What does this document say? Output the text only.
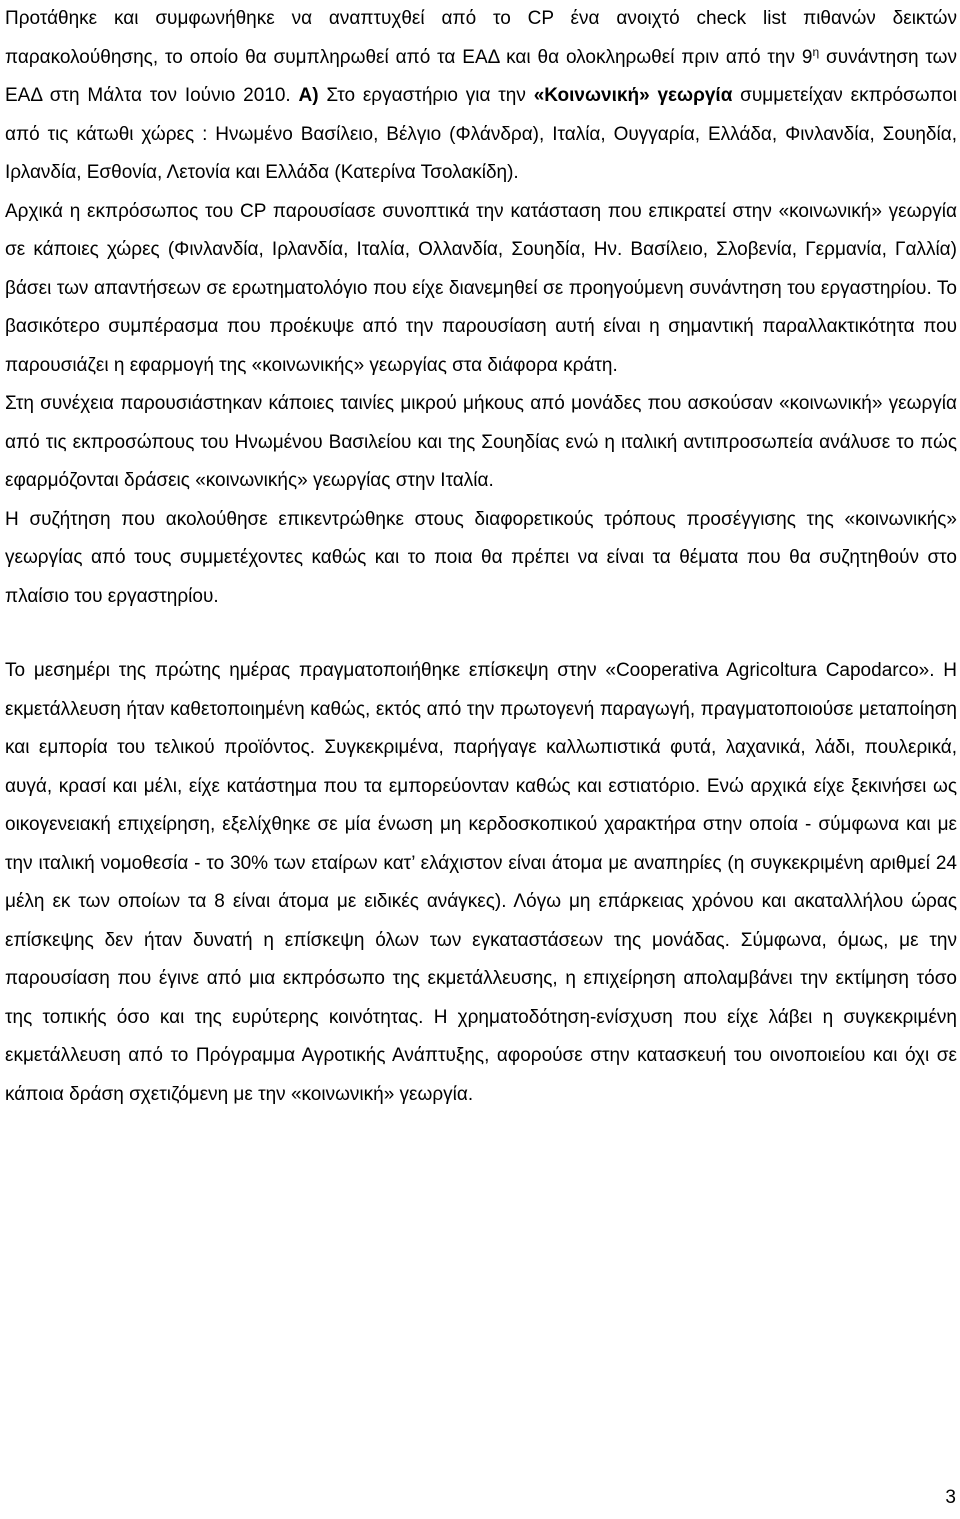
Προτάθηκε και συμφωνήθηκε να αναπτυχθεί από το CP ένα ανοιχτό check list πιθανών δεικτών παρακολούθησης, το οποίο θα συμπληρωθεί από τα ΕΑΔ και θα ολοκληρωθεί πριν από την $9^\eta$ συνάντηση των ΕΑΔ στη Μάλτα τον Ιούνιο 2010. Α) Στο εργαστήριο για την «Κοινωνική» γεωργία συμμετείχαν εκπρόσωποι από τις κάτωθι χώρες : Ηνωμένο Βασίλειο, Βέλγιο (Φλάνδρα), Ιταλία, Ουγγαρία, Ελλάδα, Φινλανδία, Σουηδία, Ιρλανδία, Εσθονία, Λετονία και Ελλάδα (Κατερίνα Τσολακίδη).

Αρχικά η εκπρόσωπος του CP παρουσίασε συνοπτικά την κατάσταση που επικρατεί στην «κοινωνική» γεωργία σε κάποιες χώρες (Φινλανδία, Ιρλανδία, Ιταλία, Ολλανδία, Σουηδία, Ην. Βασίλειο, Σλοβενία, Γερμανία, Γαλλία) βάσει των απαντήσεων σε ερωτηματολόγιο που είχε διανεμηθεί σε προηγούμενη συνάντηση του εργαστηρίου. Το βασικότερο συμπέρασμα που προέκυψε από την παρουσίαση αυτή είναι η σημαντική παραλλακτικότητα που παρουσιάζει η εφαρμογή της «κοινωνικής» γεωργίας στα διάφορα κράτη.

Στη συνέχεια παρουσιάστηκαν κάποιες ταινίες μικρού μήκους από μονάδες που ασκούσαν «κοινωνική» γεωργία από τις εκπροσώπους του Ηνωμένου Βασιλείου και της Σουηδίας ενώ η ιταλική αντιπροσωπεία ανάλυσε το πώς εφαρμόζονται δράσεις «κοινωνικής» γεωργίας στην Ιταλία.

Η συζήτηση που ακολούθησε επικεντρώθηκε στους διαφορετικούς τρόπους προσέγγισης της «κοινωνικής» γεωργίας από τους συμμετέχοντες καθώς και το ποια θα πρέπει να είναι τα θέματα που θα συζητηθούν στο πλαίσιο του εργαστηρίου.

Το μεσημέρι της πρώτης ημέρας πραγματοποιήθηκε επίσκεψη στην «Cooperativa Agricoltura Capodarco». Η εκμετάλλευση ήταν καθετοποιημένη καθώς, εκτός από την πρωτογενή παραγωγή, πραγματοποιούσε μεταποίηση και εμπορία του τελικού προϊόντος. Συγκεκριμένα, παρήγαγε καλλωπιστικά φυτά, λαχανικά, λάδι, πουλερικά, αυγά, κρασί και μέλι, είχε κατάστημα που τα εμπορεύονταν καθώς και εστιατόριο. Ενώ αρχικά είχε ξεκινήσει ως οικογενειακή επιχείρηση, εξελίχθηκε σε μία ένωση μη κερδοσκοπικού χαρακτήρα στην οποία - σύμφωνα και με την ιταλική νομοθεσία - το 30% των εταίρων κατ’ ελάχιστον είναι άτομα με αναπηρίες (η συγκεκριμένη αριθμεί 24 μέλη εκ των οποίων τα 8 είναι άτομα με ειδικές ανάγκες). Λόγω μη επάρκειας χρόνου και ακαταλλήλου ώρας επίσκεψης δεν ήταν δυνατή η επίσκεψη όλων των εγκαταστάσεων της μονάδας. Σύμφωνα, όμως, με την παρουσίαση που έγινε από μια εκπρόσωπο της εκμετάλλευσης, η επιχείρηση απολαμβάνει την εκτίμηση τόσο της τοπικής όσο και της ευρύτερης κοινότητας. Η χρηματοδότηση-ενίσχυση που είχε λάβει η συγκεκριμένη εκμετάλλευση από το Πρόγραμμα Αγροτικής Ανάπτυξης, αφορούσε στην κατασκευή του οινοποιείου και όχι σε κάποια δράση σχετιζόμενη με την «κοινωνική» γεωργία.

3
